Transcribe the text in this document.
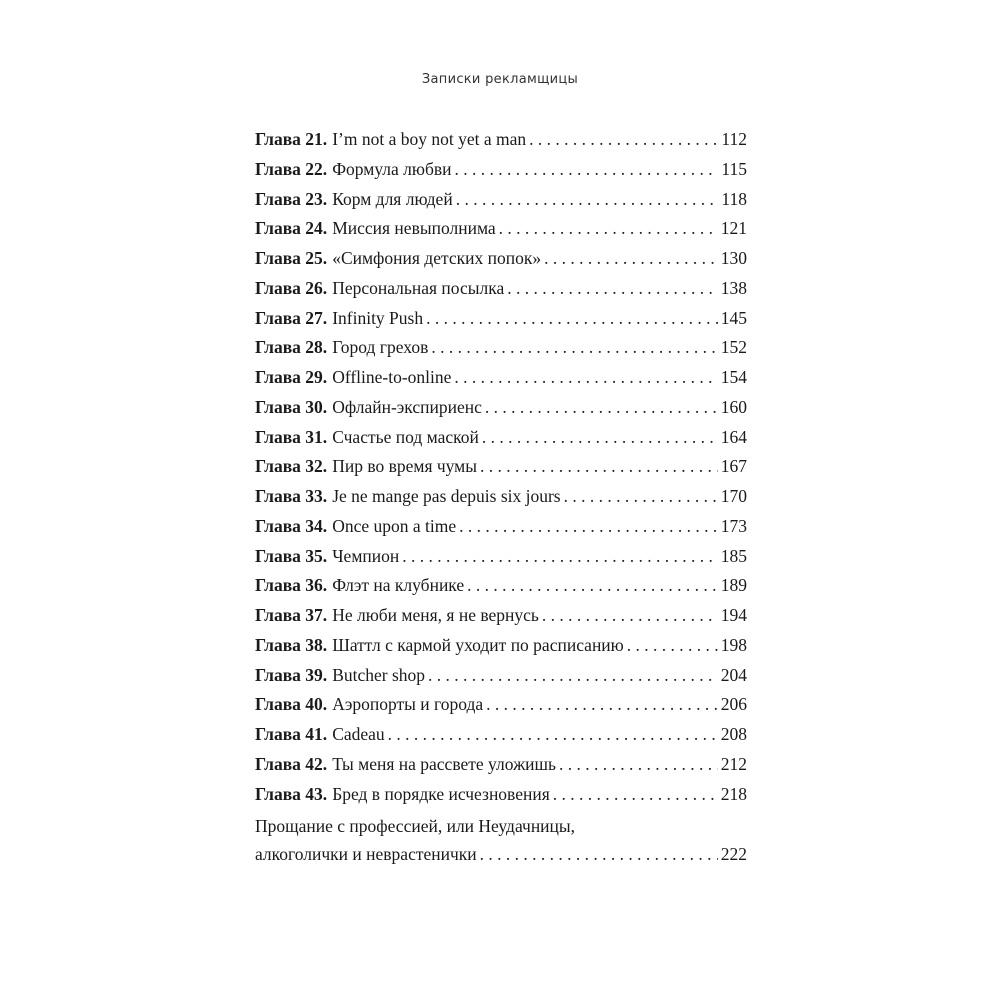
Записки рекламщицы
Глава 21. I’m not a boy not yet a man . . .	112
Глава 22. Формула любви . . .	115
Глава 23. Корм для людей . . .	118
Глава 24. Миссия невыполнима . . .	121
Глава 25. «Симфония детских попок» . . .	130
Глава 26. Персональная посылка . . .	138
Глава 27. Infinity Push . . .	145
Глава 28. Город грехов . . .	152
Глава 29. Offline-to-online . . .	154
Глава 30. Офлайн-экспириенс . . .	160
Глава 31. Счастье под маской . . .	164
Глава 32. Пир во время чумы . . .	167
Глава 33. Je ne mange pas depuis six jours . . .	170
Глава 34. Once upon a time . . .	173
Глава 35. Чемпион . . .	185
Глава 36. Флэт на клубнике . . .	189
Глава 37. Не люби меня, я не вернусь . . .	194
Глава 38. Шаттл с кармой уходит по расписанию . . .	198
Глава 39. Butcher shop . . .	204
Глава 40. Аэропорты и города . . .	206
Глава 41. Cadeau . . .	208
Глава 42. Ты меня на рассвете уложишь . . .	212
Глава 43. Бред в порядке исчезновения . . .	218
Прощание с профессией, или Неудачницы,
алкоголички и неврастенички . . .	222
